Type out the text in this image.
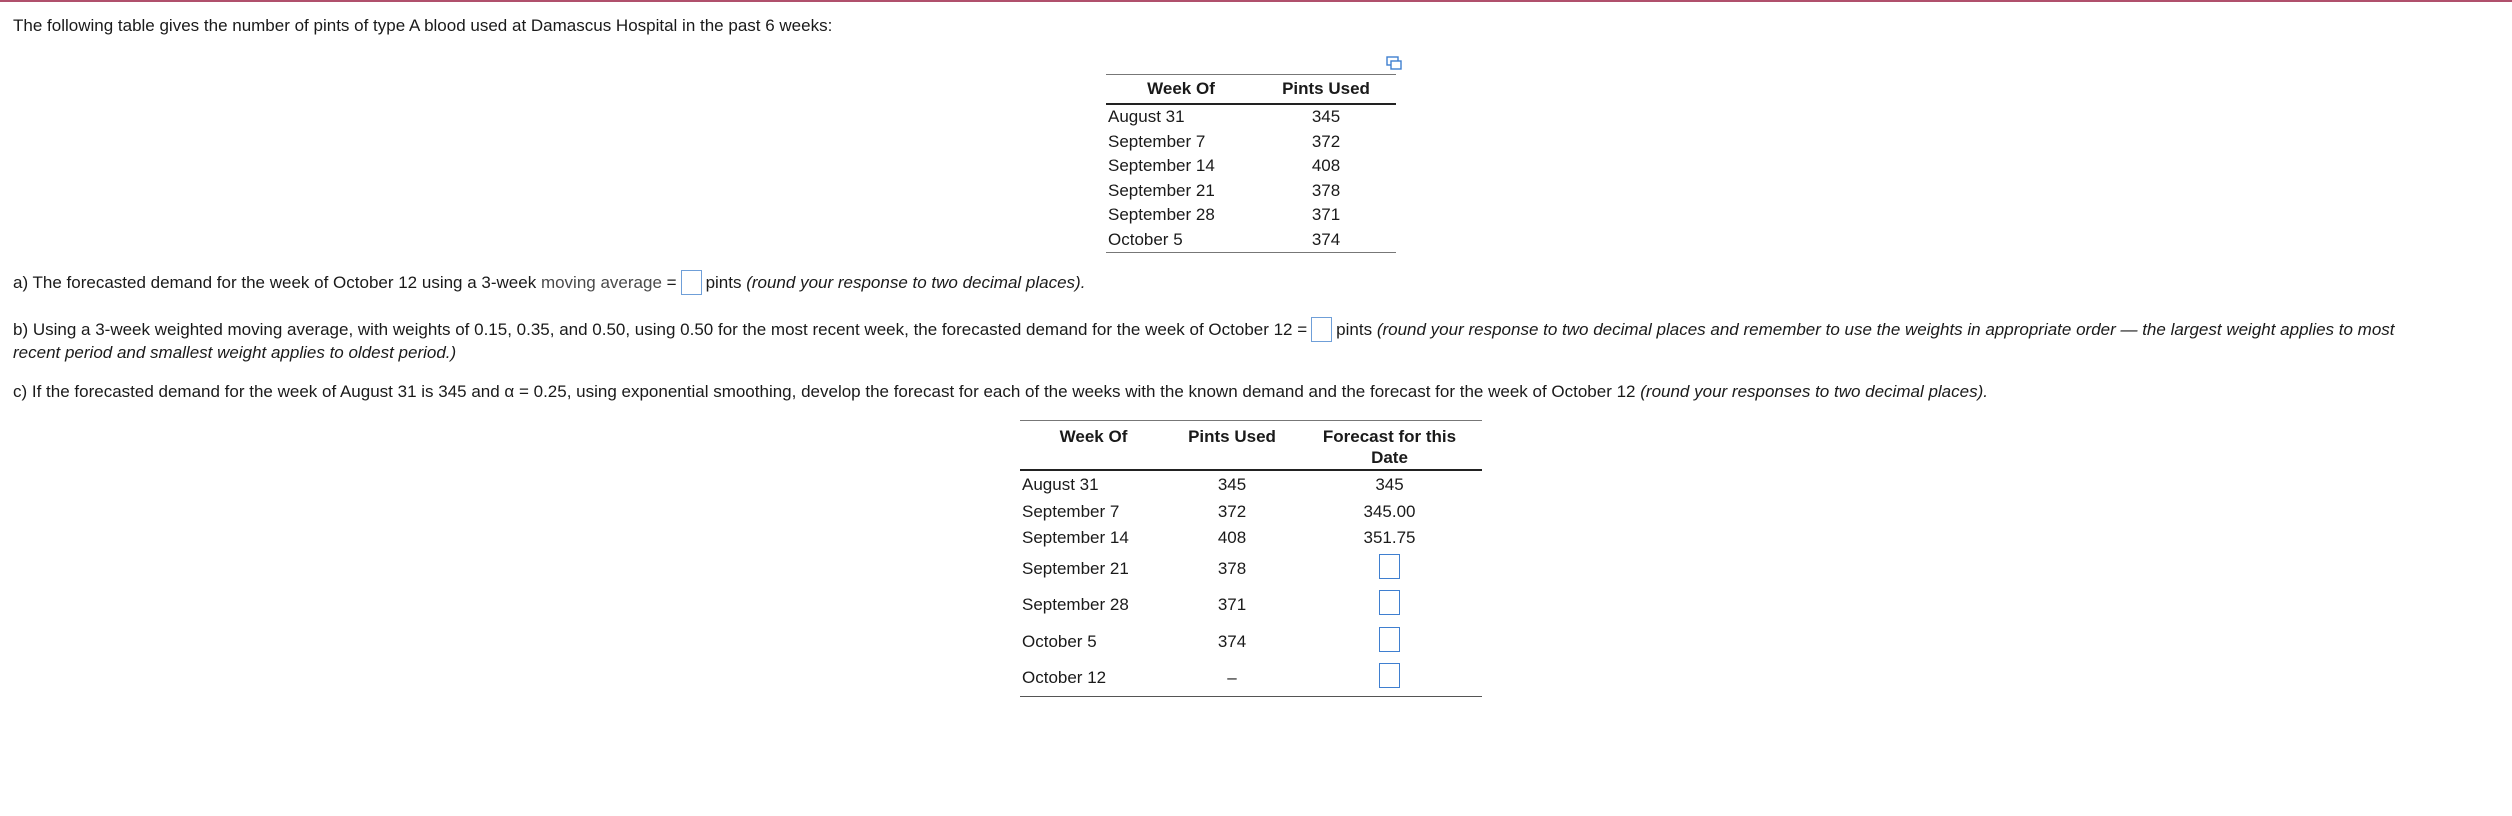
The following table gives the number of pints of type A blood used at Damascus Hospital in the past 6 weeks:
Week Of	Pints Used
August 31	345
September 7	372
September 14	408
September 21	378
September 28	371
October 5	374
a) The forecasted demand for the week of October 12 using a 3-week moving average = pints (round your response to two decimal places).
b) Using a 3-week weighted moving average, with weights of 0.15, 0.35, and 0.50, using 0.50 for the most recent week, the forecasted demand for the week of October 12 = pints (round your response to two decimal places and remember to use the weights in appropriate order — the largest weight applies to most
recent period and smallest weight applies to oldest period.)
c) If the forecasted demand for the week of August 31 is 345 and α = 0.25, using exponential smoothing, develop the forecast for each of the weeks with the known demand and the forecast for the week of October 12 (round your responses to two decimal places).
Week Of	Pints Used	Forecast for this
Date
August 31	345	345
September 7	372	345.00
September 14	408	351.75
September 21	378
September 28	371
October 5	374
October 12	–
